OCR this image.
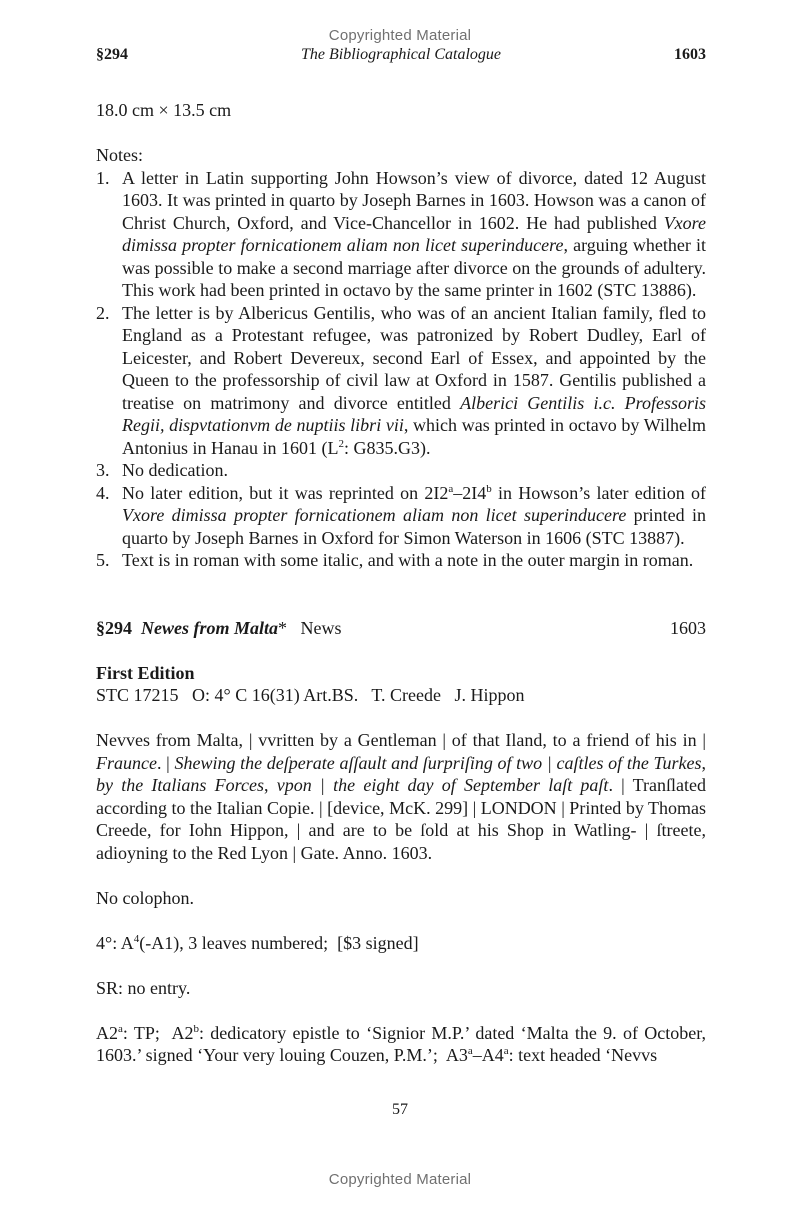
Copyrighted Material
§294	The Bibliographical Catalogue	1603

18.0 cm × 13.5 cm

Notes:

1. A letter in Latin supporting John Howson’s view of divorce, dated 12 August 1603. It was printed in quarto by Joseph Barnes in 1603. Howson was a canon of Christ Church, Oxford, and Vice-Chancellor in 1602. He had published Vxore dimissa propter fornicationem aliam non licet superinducere, arguing whether it was possible to make a second marriage after divorce on the grounds of adultery. This work had been printed in octavo by the same printer in 1602 (STC 13886).
2. The letter is by Albericus Gentilis, who was of an ancient Italian family, fled to England as a Protestant refugee, was patronized by Robert Dudley, Earl of Leicester, and Robert Devereux, second Earl of Essex, and appointed by the Queen to the professorship of civil law at Oxford in 1587. Gentilis published a treatise on matrimony and divorce entitled Alberici Gentilis i.c. Professoris Regii, dispvtationvm de nuptiis libri vii, which was printed in octavo by Wilhelm Antonius in Hanau in 1601 ($L^2$: G835.G3).
3. No dedication.
4. No later edition, but it was reprinted on 2I2$^a$–2I4$^b$ in Howson’s later edition of Vxore dimissa propter fornicationem aliam non licet superinducere printed in quarto by Joseph Barnes in Oxford for Simon Waterson in 1606 (STC 13887).
5. Text is in roman with some italic, and with a note in the outer margin in roman.
§294 Newes from Malta* News	1603

First Edition

STC 17215   O: 4° C 16(31) Art.BS.   T. Creede   J. Hippon

Nevves from Malta, | vvritten by a Gentleman | of that Iland, to a friend of his in | Fraunce. | Shewing the deſperate aſſault and ſurpriſing of two | caſtles of the Turkes, by the Italians Forces, vpon | the eight day of September laſt paſt. | Tranſlated according to the Italian Copie. | [device, McK. 299] | LONDON | Printed by Thomas Creede, for Iohn Hippon, | and are to be ſold at his Shop in Watling- | ſtreete, adioyning to the Red Lyon | Gate. Anno. 1603.

No colophon.

4°: $A^4(-A1)$, 3 leaves numbered;  [$3 signed]

SR: no entry.

A2$^a$: TP;  A2$^b$: dedicatory epistle to ‘Signior M.P.’ dated ‘Malta the 9. of October, 1603.’ signed ‘Your very louing Couzen, P.M.’;  A3$^a$–A4$^a$: text headed ‘Nevvs

57
Copyrighted Material
